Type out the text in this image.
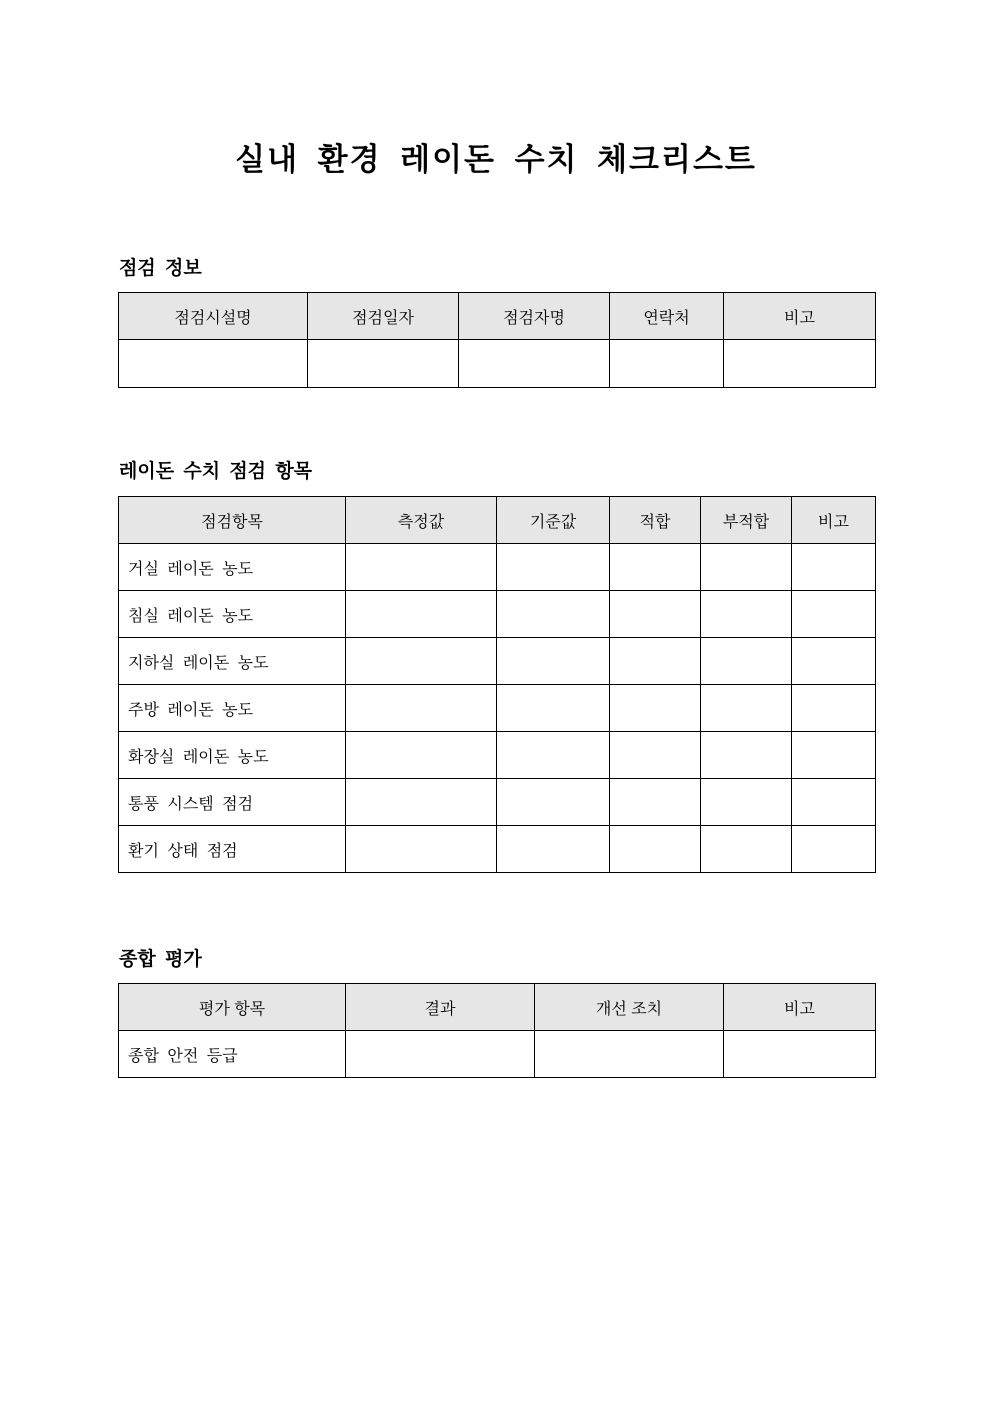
실내 환경 레이돈 수치 체크리스트
점검 정보
점검시설명	점검일자	점검자명	연락처	비고

레이돈 수치 점검 항목
점검항목	측정값	기준값	적합	부적합	비고
거실 레이돈 농도					
침실 레이돈 농도					
지하실 레이돈 농도					
주방 레이돈 농도					
화장실 레이돈 농도					
통풍 시스템 점검					
환기 상태 점검					
종합 평가
평가 항목	결과	개선 조치	비고
종합 안전 등급			
